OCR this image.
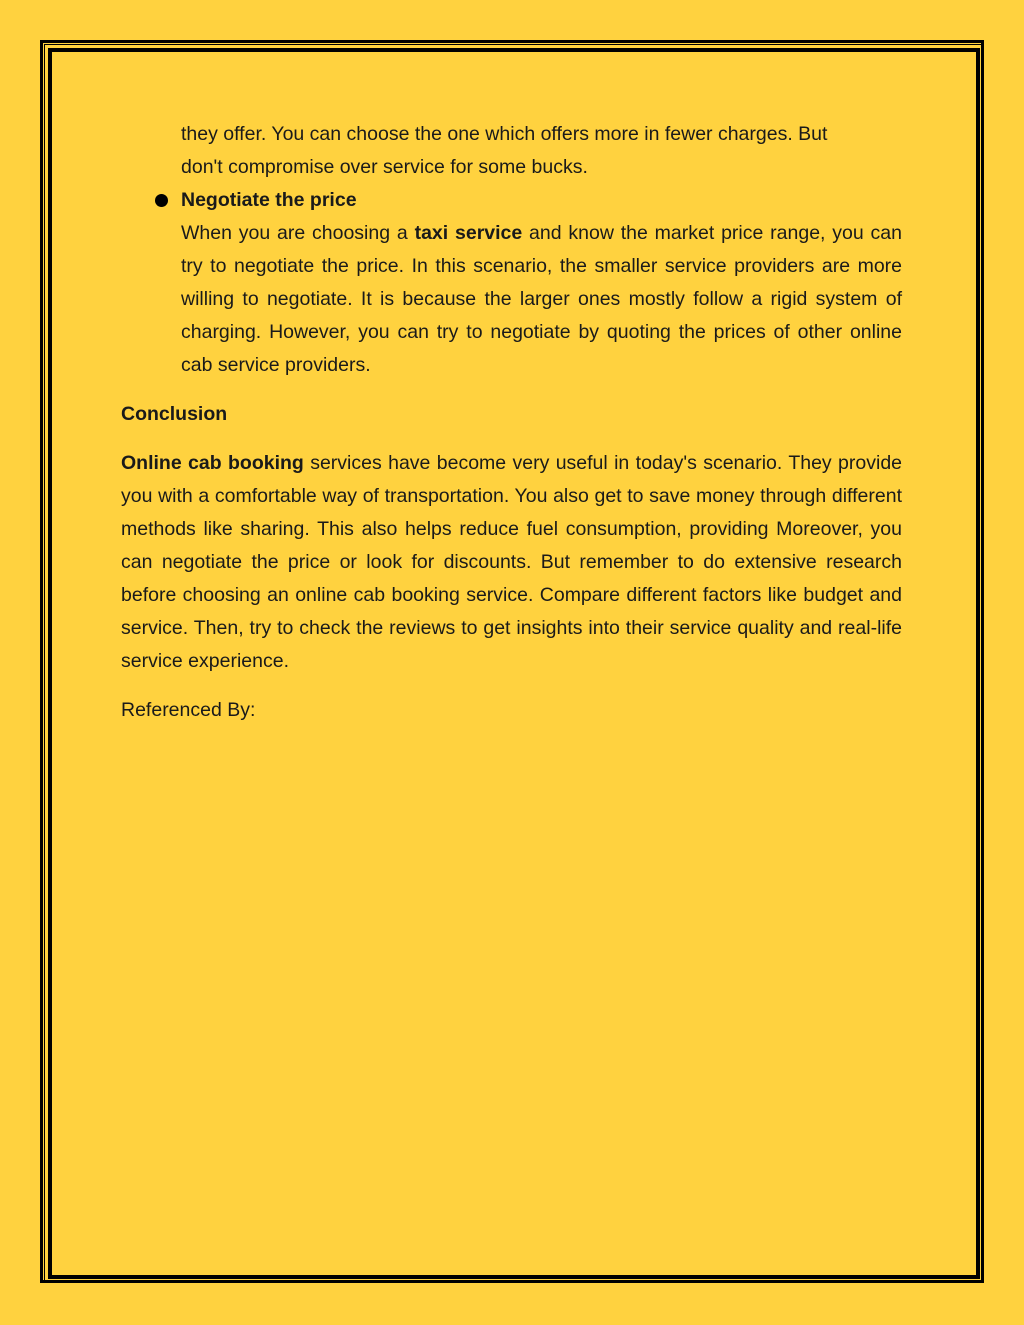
they offer. You can choose the one which offers more in fewer charges. But
don't compromise over service for some bucks.

Negotiate the price

When you are choosing a taxi service and know the market price range, you can try to negotiate the price. In this scenario, the smaller service providers are more willing to negotiate. It is because the larger ones mostly follow a rigid system of charging. However, you can try to negotiate by quoting the prices of other online cab service providers.

Conclusion

Online cab booking services have become very useful in today's scenario. They provide you with a comfortable way of transportation. You also get to save money through different methods like sharing. This also helps reduce fuel consumption, providing Moreover, you can negotiate the price or look for discounts. But remember to do extensive research before choosing an online cab booking service. Compare different factors like budget and service. Then, try to check the reviews to get insights into their service quality and real-life service experience.

Referenced By:
